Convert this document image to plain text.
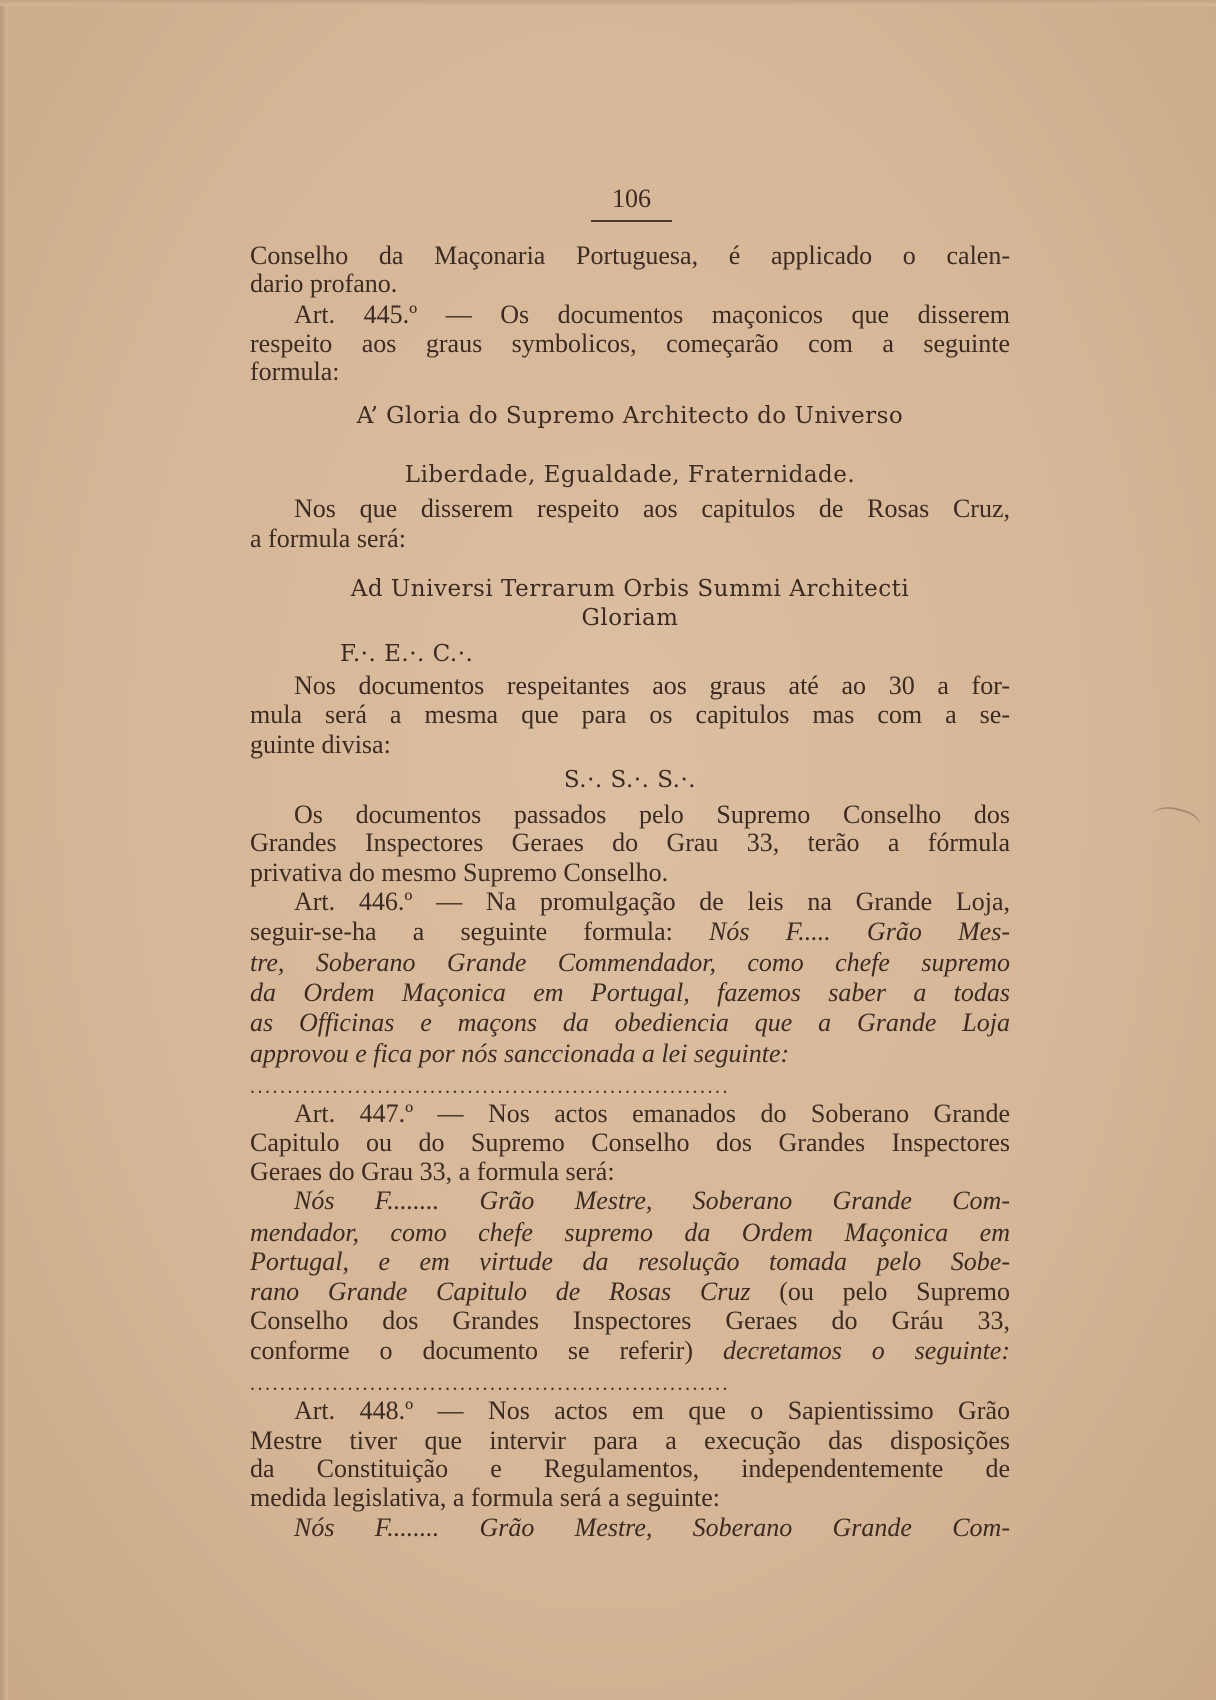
106
Conselho da Maçonaria Portuguesa, é applicado o calen-
dario profano.
Art. 445.º — Os documentos maçonicos que disserem
respeito aos graus symbolicos, começarão com a seguinte
formula:
A’ Gloria do Supremo Architecto do Universo
Liberdade, Egualdade, Fraternidade.
Nos que disserem respeito aos capitulos de Rosas Cruz,
a formula será:
Ad Universi Terrarum Orbis Summi Architecti
Gloriam
F.·. E.·. C.·.
Nos documentos respeitantes aos graus até ao 30 a for-
mula será a mesma que para os capitulos mas com a se-
guinte divisa:
S.·. S.·. S.·.
Os documentos passados pelo Supremo Conselho dos
Grandes Inspectores Geraes do Grau 33, terão a fórmula
privativa do mesmo Supremo Conselho.
Art. 446.º — Na promulgação de leis na Grande Loja,
seguir-se-ha a seguinte formula: Nós F..... Grão Mes-
tre, Soberano Grande Commendador, como chefe supremo
da Ordem Maçonica em Portugal, fazemos saber a todas
as Officinas e maçons da obediencia que a Grande Loja
approvou e fica por nós sanccionada a lei seguinte:
................................................................
Art. 447.º — Nos actos emanados do Soberano Grande
Capitulo ou do Supremo Conselho dos Grandes Inspectores
Geraes do Grau 33, a formula será:
Nós F........ Grão Mestre, Soberano Grande Com-
mendador, como chefe supremo da Ordem Maçonica em
Portugal, e em virtude da resolução tomada pelo Sobe-
rano Grande Capitulo de Rosas Cruz (ou pelo Supremo
Conselho dos Grandes Inspectores Geraes do Gráu 33,
conforme o documento se referir) decretamos o seguinte:
................................................................
Art. 448.º — Nos actos em que o Sapientissimo Grão
Mestre tiver que intervir para a execução das disposições
da Constituição e Regulamentos, independentemente de
medida legislativa, a formula será a seguinte:
Nós F........ Grão Mestre, Soberano Grande Com-
